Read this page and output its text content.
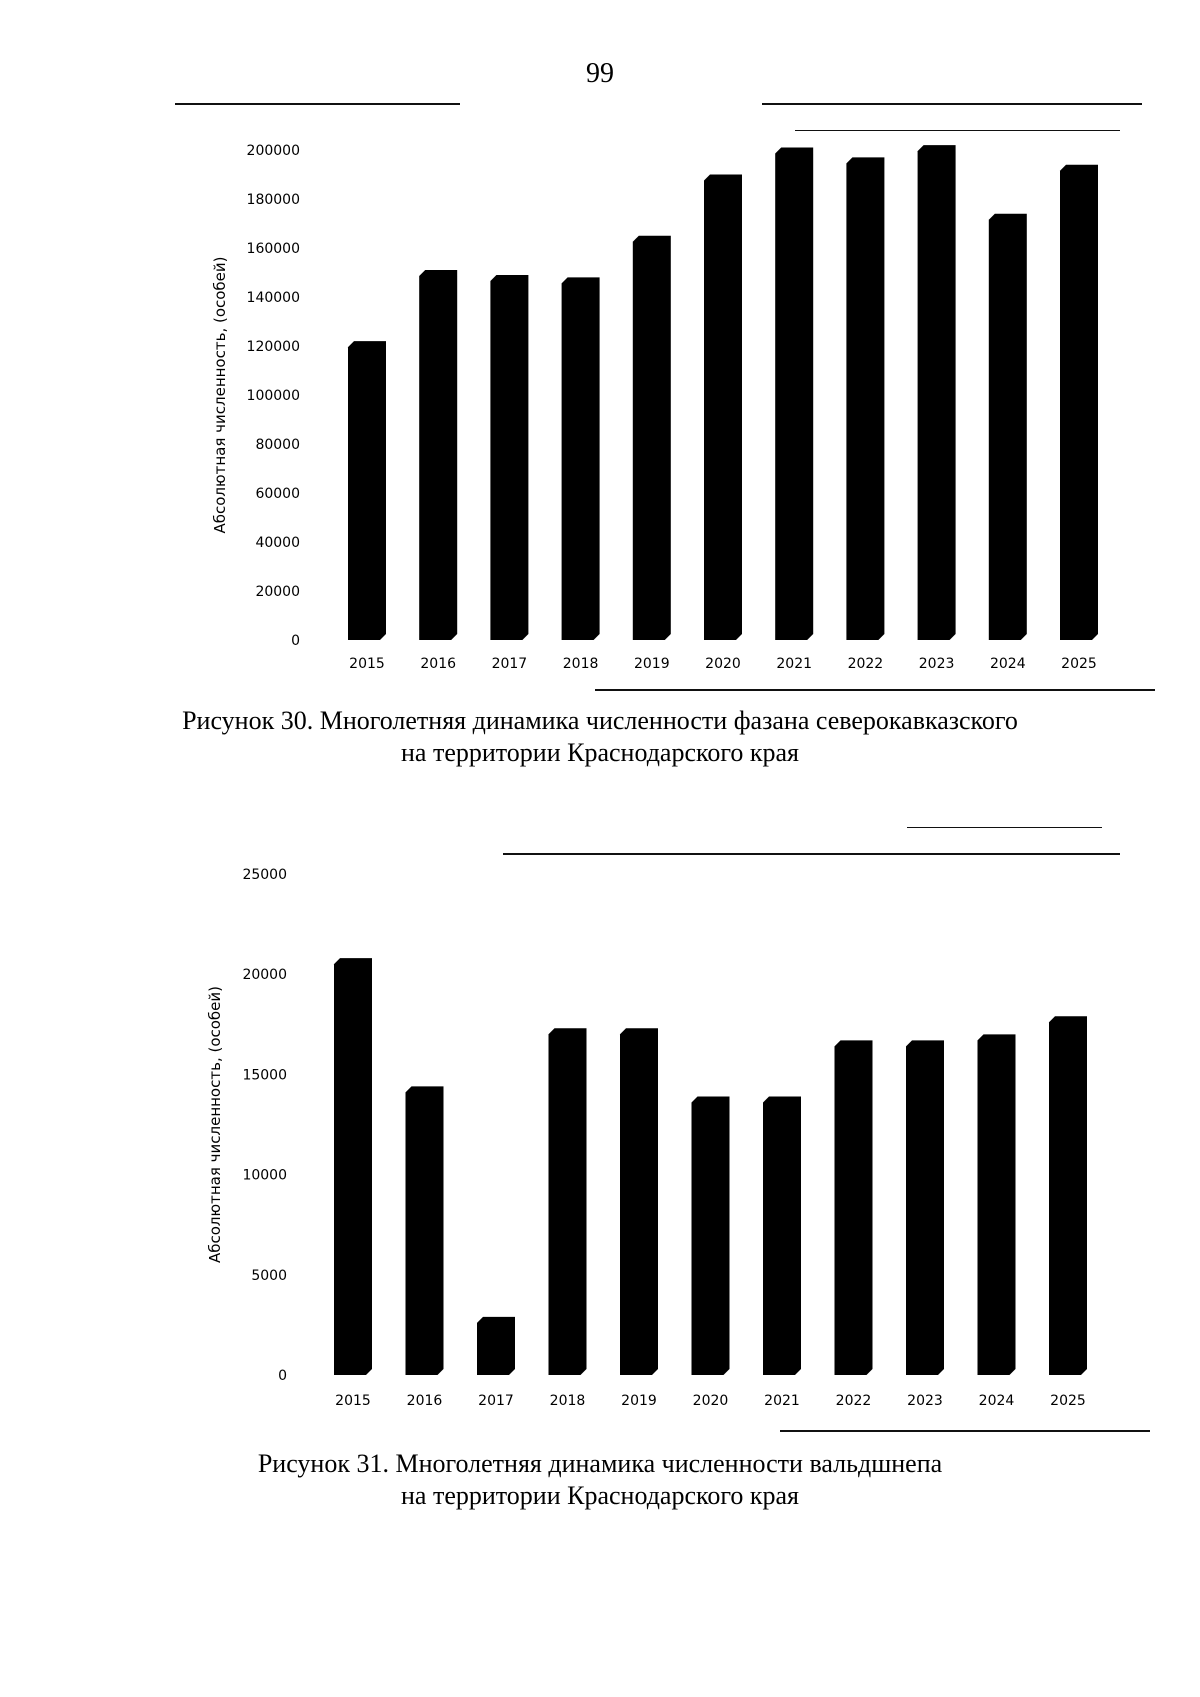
99
0
20000
40000
60000
80000
100000
120000
140000
160000
180000
200000
Абсолютная численность, (особей)
2015	2016	2017	2018	2019	2020	2021	2022	2023	2024	2025
Рисунок 30. Многолетняя динамика численности фазана северокавказского
на территории Краснодарского края
0
5000
10000
15000
20000
25000
Абсолютная численность, (особей)
2015	2016	2017	2018	2019	2020	2021	2022	2023	2024	2025
Рисунок 31. Многолетняя динамика численности вальдшнепа
на территории Краснодарского края
